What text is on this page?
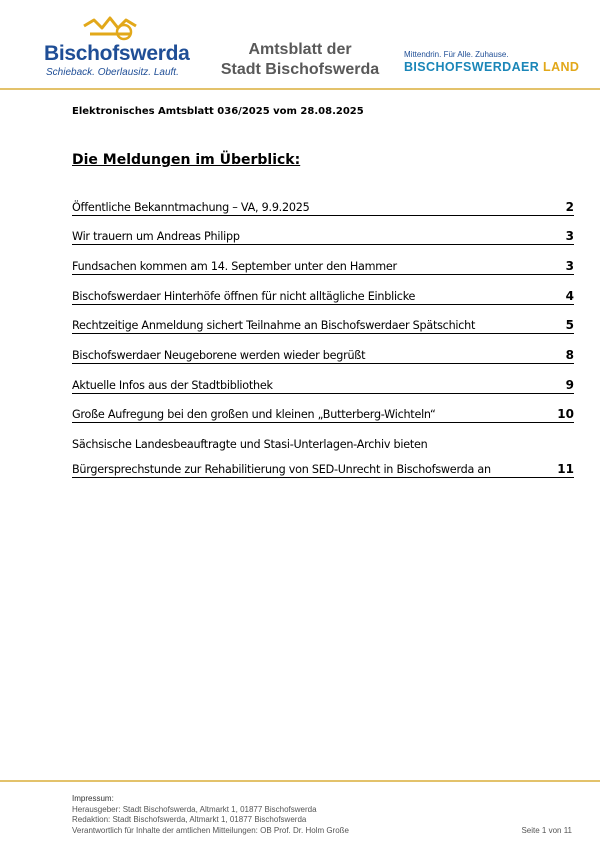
Bischofswerda
Schieback. Oberlausitz. Lauft.
Amtsblatt der
Stadt Bischofswerda
Mittendrin. Für Alle. Zuhause.
BISCHOFSWERDAER LAND
Elektronisches Amtsblatt 036/2025 vom 28.08.2025
Die Meldungen im Überblick:
Öffentliche Bekanntmachung – VA, 9.9.2025	2
Wir trauern um Andreas Philipp	3
Fundsachen kommen am 14. September unter den Hammer	3
Bischofswerdaer Hinterhöfe öffnen für nicht alltägliche Einblicke	4
Rechtzeitige Anmeldung sichert Teilnahme an Bischofswerdaer Spätschicht	5
Bischofswerdaer Neugeborene werden wieder begrüßt	8
Aktuelle Infos aus der Stadtbibliothek	9
Große Aufregung bei den großen und kleinen „Butterberg-Wichteln“	10
Sächsische Landesbeauftragte und Stasi-Unterlagen-Archiv bieten
Bürgersprechstunde zur Rehabilitierung von SED-Unrecht in Bischofswerda an	11
Impressum:
Herausgeber: Stadt Bischofswerda, Altmarkt 1, 01877 Bischofswerda
Redaktion: Stadt Bischofswerda, Altmarkt 1, 01877 Bischofswerda
Verantwortlich für Inhalte der amtlichen Mitteilungen: OB Prof. Dr. Holm Große	Seite 1 von 11
